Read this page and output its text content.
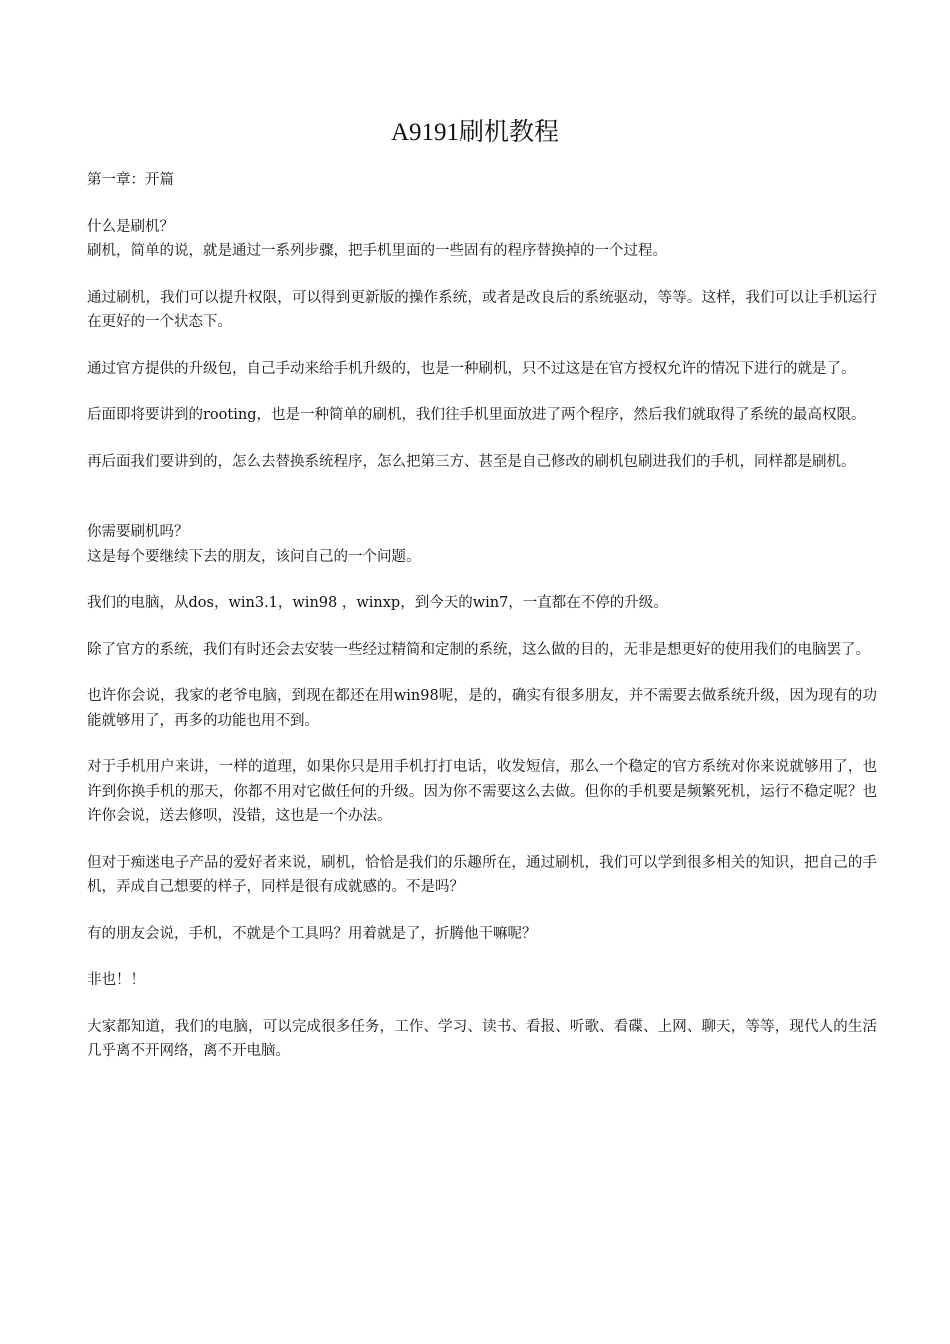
A9191刷机教程

第一章：开篇

什么是刷机？

刷机，简单的说，就是通过一系列步骤，把手机里面的一些固有的程序替换掉的一个过程。

通过刷机，我们可以提升权限，可以得到更新版的操作系统，或者是改良后的系统驱动，等等。这样，我们可以让手机运行在更好的一个状态下。

通过官方提供的升级包，自己手动来给手机升级的，也是一种刷机，只不过这是在官方授权允许的情况下进行的就是了。

后面即将要讲到的rooting，也是一种简单的刷机，我们往手机里面放进了两个程序，然后我们就取得了系统的最高权限。

再后面我们要讲到的，怎么去替换系统程序，怎么把第三方、甚至是自己修改的刷机包刷进我们的手机，同样都是刷机。

你需要刷机吗？

这是每个要继续下去的朋友，该问自己的一个问题。

我们的电脑，从dos，win3.1，win98 ，winxp，到今天的win7，一直都在不停的升级。

除了官方的系统，我们有时还会去安装一些经过精简和定制的系统，这么做的目的，无非是想更好的使用我们的电脑罢了。

也许你会说，我家的老爷电脑，到现在都还在用win98呢，是的，确实有很多朋友，并不需要去做系统升级，因为现有的功能就够用了，再多的功能也用不到。

对于手机用户来讲，一样的道理，如果你只是用手机打打电话，收发短信，那么一个稳定的官方系统对你来说就够用了，也许到你换手机的那天，你都不用对它做任何的升级。因为你不需要这么去做。但你的手机要是频繁死机，运行不稳定呢？也许你会说，送去修呗，没错，这也是一个办法。

但对于痴迷电子产品的爱好者来说，刷机，恰恰是我们的乐趣所在，通过刷机，我们可以学到很多相关的知识，把自己的手机，弄成自己想要的样子，同样是很有成就感的。不是吗？

有的朋友会说，手机，不就是个工具吗？用着就是了，折腾他干嘛呢？

非也！！

大家都知道，我们的电脑，可以完成很多任务，工作、学习、读书、看报、听歌、看碟、上网、聊天，等等，现代人的生活几乎离不开网络，离不开电脑。
